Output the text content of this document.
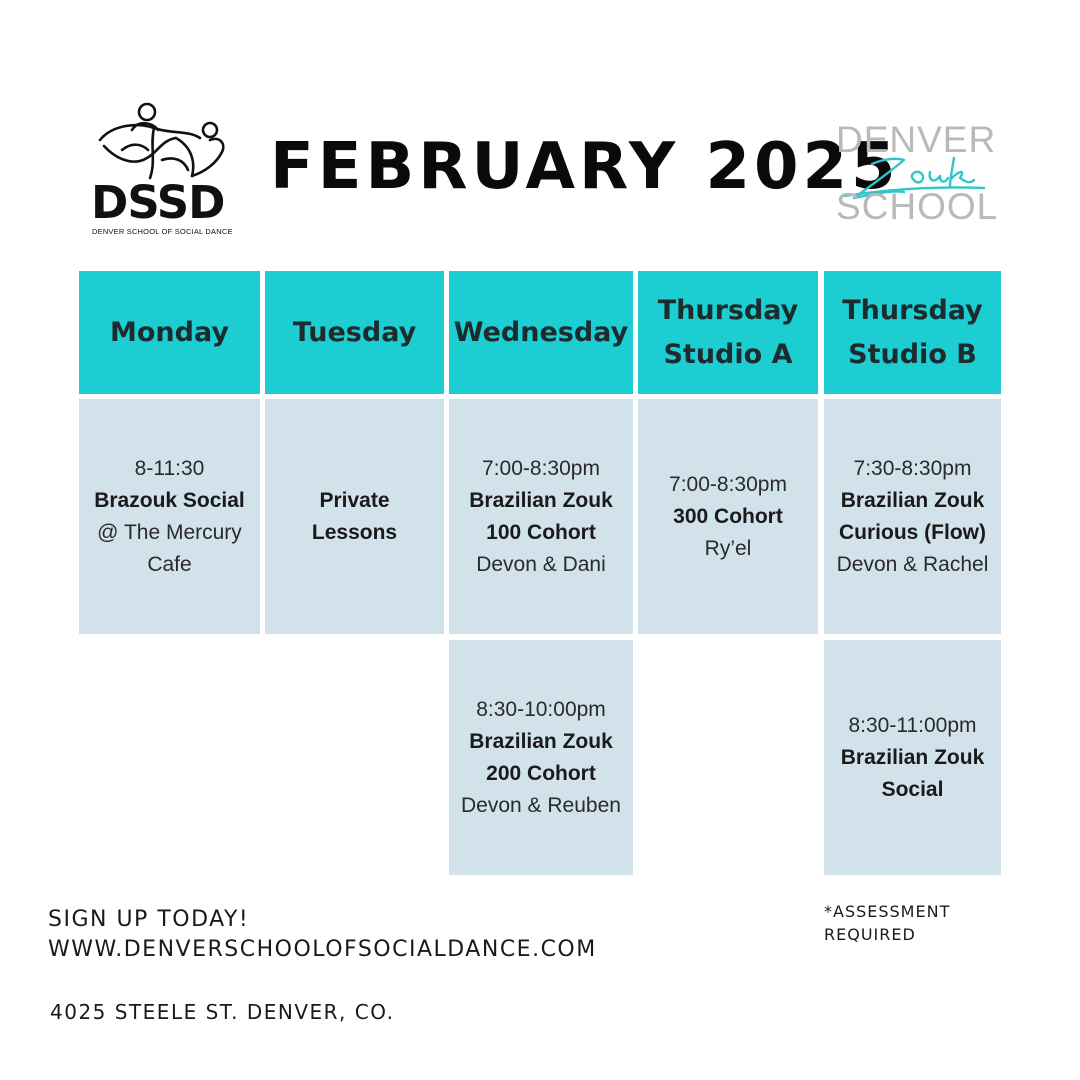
DSSD
DENVER SCHOOL OF SOCIAL DANCE
FEBRUARY 2025
DENVER
SCHOOL
Monday	Tuesday	Wednesday
Thursday Studio A
Thursday Studio B
8-11:30
Brazouk Social
@ The Mercury
Cafe
Private
Lessons
7:00-8:30pm
Brazilian Zouk
100 Cohort
Devon & Dani
7:00-8:30pm
300 Cohort
Ry’el
7:30-8:30pm
Brazilian Zouk
Curious (Flow)
Devon & Rachel
8:30-10:00pm
Brazilian Zouk
200 Cohort
Devon & Reuben
8:30-11:00pm
Brazilian Zouk
Social
SIGN UP TODAY!
WWW.DENVERSCHOOLOFSOCIALDANCE.COM
4025 STEELE ST. DENVER, CO.
*ASSESSMENT
REQUIRED
